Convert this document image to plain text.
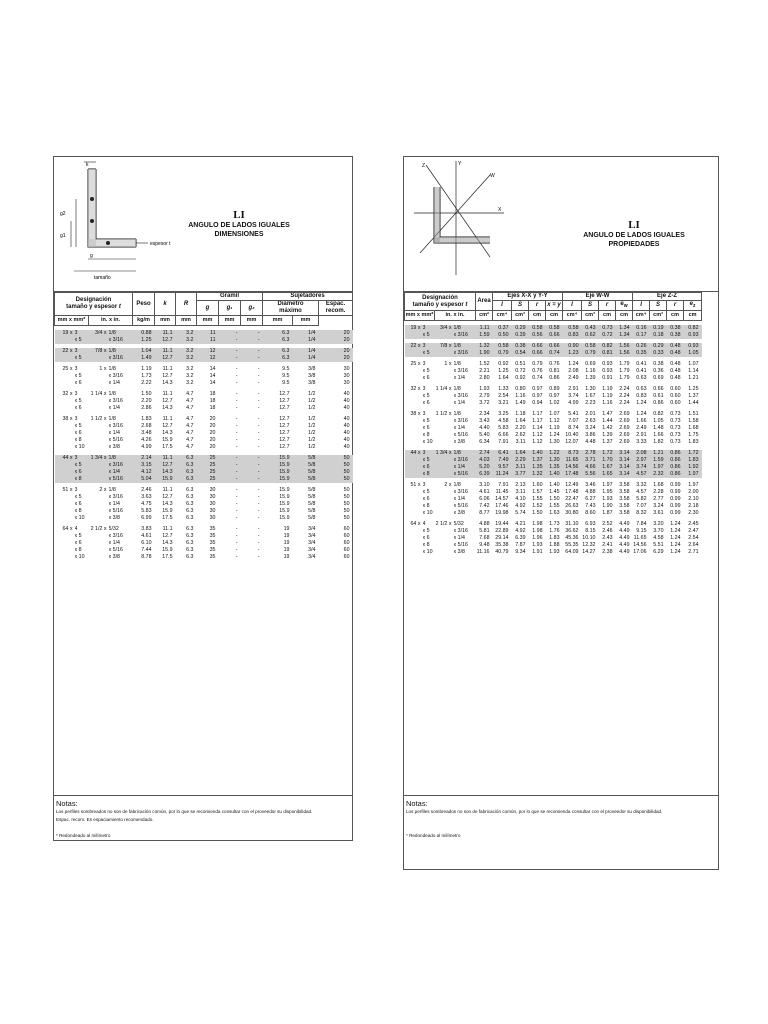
k
g2
g1
g
espesor t
tamaño
LI
ANGULO DE LADOS IGUALES
DIMENSIONES
Designación
tamaño y espesor t				Peso	k	R	Gramil			Sujetadores		
							g	g₁	g₂	Diámetro
máximo		Espac.
recom.
mm x mm*		in. x in.		kg/m	mm	mm	mm	mm	mm	mm	mm	

19 x	3	3/4 x	1/8	0.88	11.1	3.2	11	-	-	6.3	1/4	20
	x 5		x 3/16	1.25	12.7	3.2	11	-	-	6.3	1/4	20

22 x	3	7/8 x	1/8	1.04	11.1	3.2	12	-	-	6.3	1/4	20
	x 5		x 3/16	1.49	12.7	3.2	12	-	-	6.3	1/4	20

25 x	3	1 x	1/8	1.19	11.1	3.2	14	-	-	9.5	3/8	30
	x 5		x 3/16	1.73	12.7	3.2	14	-	-	9.5	3/8	30
	x 6		x 1/4	2.22	14.3	3.2	14	-	-	9.5	3/8	30

32 x	3	1 1/4 x	1/8	1.50	11.1	4.7	18	-	-	12.7	1/2	40
	x 5		x 3/16	2.20	12.7	4.7	18	-	-	12.7	1/2	40
	x 6		x 1/4	2.86	14.3	4.7	18	-	-	12.7	1/2	40

38 x	3	1 1/2 x	1/8	1.83	11.1	4.7	20	-	-	12.7	1/2	40
	x 5		x 3/16	2.68	12.7	4.7	20	-	-	12.7	1/2	40
	x 6		x 1/4	3.48	14.3	4.7	20	-	-	12.7	1/2	40
	x 8		x 5/16	4.26	15.9	4.7	20	-	-	12.7	1/2	40
	x 10		x 3/8	4.99	17.5	4.7	20	-	-	12.7	1/2	40

44 x	3	1 3/4 x	1/8	2.14	11.1	6.3	25	-	-	15.9	5/8	50
	x 5		x 3/16	3.15	12.7	6.3	25	-	-	15.9	5/8	50
	x 6		x 1/4	4.12	14.3	6.3	25	-	-	15.9	5/8	50
	x 8		x 5/16	5.04	15.9	6.3	25	-	-	15.9	5/8	50

51 x	3	2 x	1/8	2.46	11.1	6.3	30	-	-	15.9	5/8	50
	x 5		x 3/16	3.63	12.7	6.3	30	-	-	15.9	5/8	50
	x 6		x 1/4	4.75	14.3	6.3	30	-	-	15.9	5/8	50
	x 8		x 5/16	5.83	15.9	6.3	30	-	-	15.9	5/8	50
	x 10		x 3/8	6.99	17.5	6.3	30	-	-	15.9	5/8	50

64 x	4	2 1/2 x	5/32	3.83	11.1	6.3	35	-	-	19	3/4	60
	x 5		x 3/16	4.61	12.7	6.3	35	-	-	19	3/4	60
	x 6		x 1/4	6.10	14.3	6.3	35	-	-	19	3/4	60
	x 8		x 5/16	7.44	15.9	6.3	35	-	-	19	3/4	60
	x 10		x 3/8	8.78	17.5	6.3	35	-	-	19	3/4	60

Notas:
Los perfiles sombreados no son de fabricación común, por lo que se recomienda consultar con el proveedor su disponibilidad.
Espac. recom. Es espaciamiento recomendado.
* Redondeado al milímetro
Z	Y
W
X
LI
ANGULO DE LADOS IGUALES
PROPIEDADES
Designación
tamaño y espesor t				Area	Ejes X-X y Y-Y				Eje W-W				Eje Z-Z			
					I	S	r	x = y	I	S	r	$e_w$	I	S	r	$e_z$
mm x mm*		in. x in.		cm²	cm⁴	cm³	cm	cm	cm⁴	cm³	cm	cm	cm⁴	cm³	cm	cm

19 x	3	3/4 x	1/8	1.11	0.37	0.29	0.58	0.58	0.58	0.43	0.73	1.34	0.16	0.19	0.38	0.82
	x 5		x 3/16	1.59	0.50	0.39	0.56	0.66	0.83	0.62	0.72	1.34	0.17	0.18	0.38	0.93

22 x	3	7/8 x	1/8	1.32	0.58	0.38	0.66	0.66	0.90	0.58	0.82	1.56	0.26	0.29	0.48	0.93
	x 5		x 3/16	1.90	0.79	0.54	0.66	0.74	1.23	0.79	0.81	1.56	0.35	0.33	0.48	1.05

25 x	3	1 x	1/8	1.52	0.92	0.51	0.79	0.76	1.24	0.69	0.93	1.79	0.41	0.38	0.48	1.07
	x 5		x 3/16	2.21	1.25	0.72	0.76	0.81	2.08	1.16	0.93	1.79	0.41	0.36	0.48	1.14
	x 6		x 1/4	2.80	1.64	0.92	0.74	0.86	2.49	1.39	0.91	1.79	0.63	0.69	0.48	1.21

32 x	3	1 1/4 x	1/8	1.93	1.33	0.80	0.97	0.89	2.91	1.30	1.19	2.24	0.63	0.66	0.60	1.25
	x 5		x 3/16	2.79	2.54	1.16	0.97	0.97	3.74	1.67	1.19	2.24	0.83	0.61	0.60	1.37
	x 6		x 1/4	3.72	3.21	1.49	0.94	1.02	4.99	2.23	1.16	2.24	1.24	0.86	0.60	1.44

38 x	3	1 1/2 x	1/8	2.34	3.25	1.18	1.17	1.07	5.41	2.01	1.47	2.69	1.24	0.82	0.73	1.51
	x 5		x 3/16	3.43	4.58	1.64	1.17	1.12	7.07	2.63	1.44	2.69	1.66	1.05	0.73	1.58
	x 6		x 1/4	4.40	5.83	2.20	1.14	1.19	8.74	3.24	1.42	2.69	2.49	1.48	0.73	1.68
	x 8		x 5/16	5.40	6.66	2.62	1.12	1.24	10.40	3.86	1.39	2.69	2.91	1.66	0.73	1.75
	x 10		x 3/8	6.34	7.91	3.11	1.12	1.30	12.07	4.48	1.37	2.69	3.33	1.82	0.73	1.83

44 x	3	1 3/4 x	1/8	2.74	6.41	1.64	1.40	1.22	8.73	2.78	1.72	3.14	2.08	1.21	0.86	1.72
	x 5		x 3/16	4.03	7.49	2.29	1.37	1.30	11.65	3.71	1.70	3.14	2.97	1.59	0.86	1.83
	x 6		x 1/4	5.20	9.57	3.11	1.35	1.35	14.56	4.66	1.67	3.14	3.74	1.97	0.86	1.92
	x 8		x 5/16	6.39	11.24	3.77	1.32	1.40	17.48	5.56	1.65	3.14	4.57	2.32	0.86	1.97

51 x	3	2 x	1/8	3.10	7.91	2.13	1.60	1.40	12.49	3.46	1.97	3.58	3.32	1.68	0.99	1.97
	x 5		x 3/16	4.61	11.45	3.11	1.57	1.45	17.48	4.88	1.95	3.58	4.57	2.28	0.99	2.00
	x 6		x 1/4	6.06	14.57	4.10	1.55	1.50	22.47	6.27	1.93	3.58	5.82	2.77	0.99	2.10
	x 8		x 5/16	7.42	17.46	4.92	1.52	1.55	26.63	7.43	1.90	3.58	7.07	3.24	0.99	2.18
	x 10		x 3/8	8.77	19.98	5.74	1.50	1.63	30.80	8.60	1.87	3.58	8.32	3.61	0.99	2.30

64 x	4	2 1/2 x	5/32	4.88	19.44	4.21	1.98	1.73	31.10	6.93	2.52	4.49	7.84	3.20	1.24	2.45
	x 5		x 3/16	5.81	22.89	4.92	1.98	1.76	36.62	8.15	2.46	4.49	9.15	3.70	1.24	2.47
	x 6		x 1/4	7.68	29.14	6.39	1.96	1.83	45.36	10.10	2.43	4.49	11.65	4.58	1.24	2.54
	x 8		x 5/16	9.48	35.38	7.87	1.93	1.88	55.35	12.32	2.41	4.49	14.56	5.51	1.24	2.64
	x 10		x 3/8	11.16	40.79	9.34	1.91	1.93	64.09	14.27	2.38	4.49	17.06	6.29	1.24	2.71

Notas:
Los perfiles sombreados no son de fabricación común, por lo que se recomienda consultar con el proveedor su disponibilidad.
* Redondeado al milímetro
